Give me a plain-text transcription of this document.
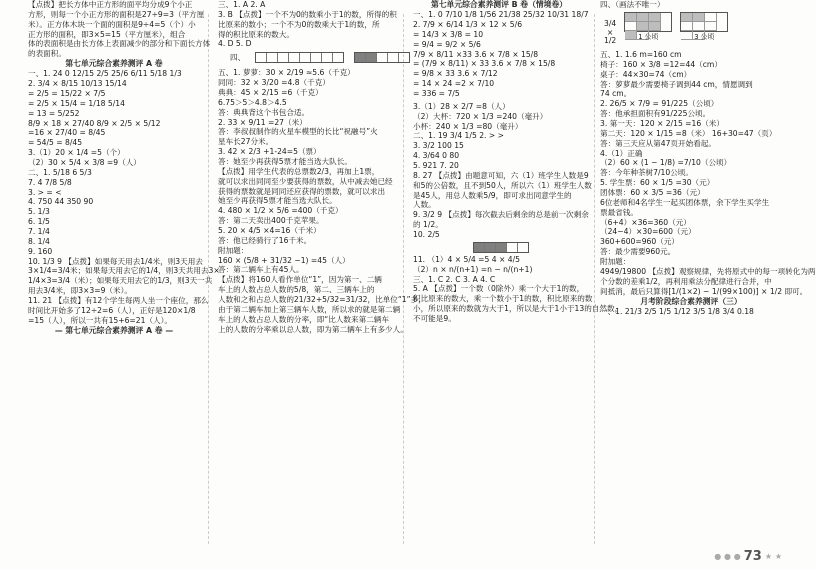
【点拨】把长方体中正方形的面平均分成9个小正

方形，则每一个小正方形的面积是27÷9=3（平方厘

米）。正方体木块一个面的面积是9÷4=5（个）小

正方形的面积，即3×5=15（平方厘米），组合

体的表面积是由长方体上表面减少的部分和下面长方体

的表面积。

第七单元综合素养测评 A 卷

一、1. 24 0 12/15 2/5 25/6 6/11 5/18 1/3

2. 3/4 × 8/15 10/13 15/14

= 2/5 = 15/22 × 7/5

= 2/5 × 15/4 = 1/18 5/14

= 13 = 5/252

8/9 × 18 × 27/40 8/9 × 2/5 × 5/12

=16 × 27/40 = 8/45

= 54/5 = 8/45

3.（1）20 × 1/4 =5（个）

（2）30 × 5/4 × 3/8 =9（人）

二、1. 5/18 6 5/3

7. 4 7/8 5/8

3. > = <

4. 750 44 350 90

5. 1/3

6. 1/5

7. 1/4

8. 1/4

9. 160

10. 1/3 9 【点拨】如果每天用去1/4米，则3天用去

3×1/4=3/4米；如果每天用去它的1/4，则3天共用去3×

1/4×3=3/4（米）；如果每天用去它的1/3，则3天一共

用去3/4米，即3×3=9（米）。

11. 21 【点拨】有12个学生每两人坐一个座位，那么

时间比开始多了12÷2=6（人），正好是120×1/8

=15（人），所以一共有15+6=21（人）。

— 第七单元综合素养测评 A 卷 —

三、1. A 2. A

3. B 【点拨】一个不为0的数乘小于1的数，所得的积

比原来的数小；一个不为0的数乘大于1的数，所

得的积比原来的数大。

4. D 5. D

四、

五、1. 萝萝：30 × 2/19 ≈5.6（千克）

同同：32 × 3/20 =4.8（千克）

典典：45 × 2/15 =6（千克）

6.75＞5＞4.8＞4.5

答：典典背这个书包合适。

2. 33 × 9/11 =27（米）

答：李叔叔制作的火星车模型的长比“祝融号”火

星车长27分米。

3. 42 × 2/3 +1-24=5（票）

答：她至少再获得5票才能当选大队长。

【点拨】用学生代表的总票数2/3，再加上1票，

就可以求出同同至少要获得的票数，从中减去她已经

获得的票数就是同同还应获得的票数，就可以求出

她至少再获得5票才能当选大队长。

4. 480 × 1/2 × 5/6 =400（千克）

答：第二天卖出400千克苹果。

5. 20 × 4/5 ×4=16（千米）

答：他已经骑行了16千米。

附加题：

160 × (5/8 + 31/32 −1) =45（人）

答：第二辆车上有45人。

【点拨】将160人看作单位“1”，因为第一、二辆

车上的人数占总人数的5/8，第二、三辆车上的

人数和之和占总人数的21/32+5/32=31/32，比单位“1”多，

由于第二辆车加上第三辆车人数，所以求的就是第二辆

车上的人数占总人数的分率，即“比人数来第二辆车

上的人数的分率乘以总人数，即为第二辆车上有多少人。

第七单元综合素养测评 B 卷（情境卷）

一、1. 0 7/10 1/8 1/56 21/38 25/32 10/31 18/7

2. 7/9 × 6/14 1/3 × 12 × 5/6

= 14/3 × 3/8 = 10

= 9/4 = 9/2 × 5/6

7/9 × 8/11 ×33 3.6 × 7/8 × 15/8

= (7/9 × 8/11) × 33 3.6 × 7/8 × 15/8

= 9/8 × 33 3.6 × 7/12

= 14 × 24 =2 × 7/10

= 336 = 7/5

3.（1）28 × 2/7 =8（人）

（2）大杯：720 × 1/3 =240（毫升）

小杯：240 × 1/3 =80（毫升）

二、1. 19 3/4 1/5 2. > >

3. 3/2 100 15

4. 3/64 0 80

5. 921 7. 20

8. 27 【点拨】由题意可知，六（1）班学生人数是9

和5的公倍数，且不到50人，所以六（1）班学生人数

是45人，用总人数乘5/9，即可求出同意学生的

人数。

9. 3/2 9 【点拨】每次截去后剩余的总是前一次剩余

的 1/2。

10. 2/5

11. （1）4 × 5/4 =5 4 × 4/5

（2）n × n/(n+1) =n − n/(n+1)

三、1. C 2. C 3. A 4. C

5. A 【点拨】一个数（0除外）乘一个大于1的数，

积比原来的数大，乘一个数小于1的数，积比原来的数

小，所以原来的数就为大于1，所以是大于1小于13的自然数，

不可能是9。

四、（画法不唯一）

3/4
×
1/2	1 公顷	3 公顷

五、1. 1.6 m=160 cm

椅子：160 × 3/8 =12=44（cm）

桌子：44×30=74（cm）

答：萝萝最少需要椅子调到44 cm，情愿调到

74 cm。

2. 26/5 × 7/9 = 91/225（公顷）

答：他承担面积有91/225公顷。

3. 第一天：120 × 2/15 =16（米）

第二天：120 × 1/15 =8（米） 16+30=47（页）

答：第三天应从第47页开始看起。

4.（1）正确

（2）60 × (1 − 1/8) =7/10（公顷）

答：今年种茶树7/10公顷。

5. 学生票：60 × 1/5 =30（元）

团体票：60 × 3/5 =36（元）

6位老师和4名学生一起买团体票，余下学生买学生

票最省钱。

（6+4）×36=360（元）

（24−4）×30=600（元）

360+600=960（元）

答：最少需要960元。

附加题：

4949/19800 【点拨】观察规律，先将原式中的每一项转化为两

个分数的差乘1/2，再利用乘法分配律进行合并，中

间抵消，最后只算得[1/(1×2) − 1/(99×100)] × 1/2 即可。

月考阶段综合素养测评（三）

一、1. 21/3 2/5 1/5 1/12 3/5 1/8 3/4 0.18

● ● ● 73 ★ ★
